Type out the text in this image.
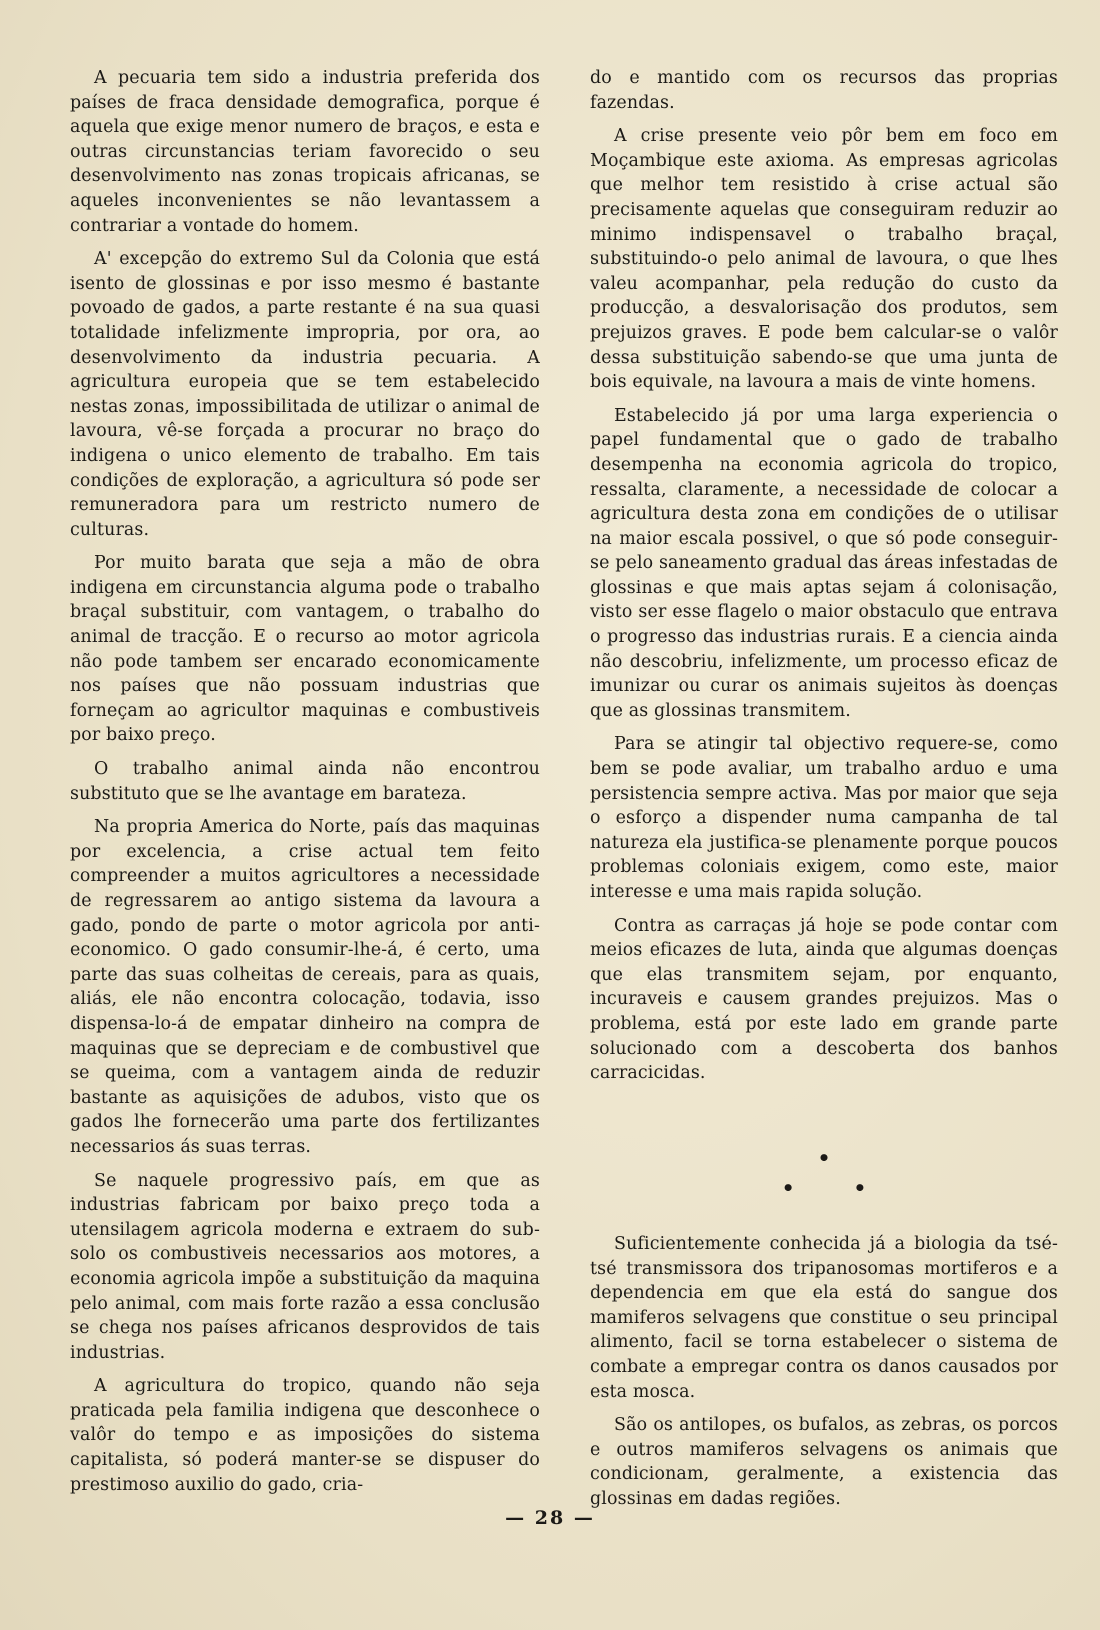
A pecuaria tem sido a industria preferida dos países de fraca densidade demografica, porque é aquela que exige menor numero de braços, e esta e outras circunstancias teriam favorecido o seu desenvolvimento nas zonas tropicais africanas, se aqueles inconvenientes se não levantassem a contrariar a vontade do homem.

A' excepção do extremo Sul da Colonia que está isento de glossinas e por isso mesmo é bastante povoado de gados, a parte restante é na sua quasi totalidade infelizmente impropria, por ora, ao desenvolvimento da industria pecuaria. A agricultura europeia que se tem estabelecido nestas zonas, impossibilitada de utilizar o animal de lavoura, vê-se forçada a procurar no braço do indigena o unico elemento de trabalho. Em tais condições de exploração, a agricultura só pode ser remuneradora para um restricto numero de culturas.

Por muito barata que seja a mão de obra indigena em circunstancia alguma pode o trabalho braçal substituir, com vantagem, o trabalho do animal de tracção. E o recurso ao motor agricola não pode tambem ser encarado economicamente nos países que não possuam industrias que forneçam ao agricultor maquinas e combustiveis por baixo preço.

O trabalho animal ainda não encontrou substituto que se lhe avantage em barateza.

Na propria America do Norte, país das maquinas por excelencia, a crise actual tem feito compreender a muitos agricultores a necessidade de regressarem ao antigo sistema da lavoura a gado, pondo de parte o motor agricola por anti-economico. O gado consumir-lhe-á, é certo, uma parte das suas colheitas de cereais, para as quais, aliás, ele não encontra colocação, todavia, isso dispensa-lo-á de empatar dinheiro na compra de maquinas que se depreciam e de combustivel que se queima, com a vantagem ainda de reduzir bastante as aquisições de adubos, visto que os gados lhe fornecerão uma parte dos fertilizantes necessarios ás suas terras.

Se naquele progressivo país, em que as industrias fabricam por baixo preço toda a utensilagem agricola moderna e extraem do sub-solo os combustiveis necessarios aos motores, a economia agricola impõe a substituição da maquina pelo animal, com mais forte razão a essa conclusão se chega nos países africanos desprovidos de tais industrias.

A agricultura do tropico, quando não seja praticada pela familia indigena que desconhece o valôr do tempo e as imposições do sistema capitalista, só poderá manter-se se dispuser do prestimoso auxilio do gado, cria-

do e mantido com os recursos das proprias fazendas.

A crise presente veio pôr bem em foco em Moçambique este axioma. As empresas agricolas que melhor tem resistido à crise actual são precisamente aquelas que conseguiram reduzir ao minimo indispensavel o trabalho braçal, substituindo-o pelo animal de lavoura, o que lhes valeu acompanhar, pela redução do custo da producção, a desvalorisação dos produtos, sem prejuizos graves. E pode bem calcular-se o valôr dessa substituição sabendo-se que uma junta de bois equivale, na lavoura a mais de vinte homens.

Estabelecido já por uma larga experiencia o papel fundamental que o gado de trabalho desempenha na economia agricola do tropico, ressalta, claramente, a necessidade de colocar a agricultura desta zona em condições de o utilisar na maior escala possivel, o que só pode conseguir-se pelo saneamento gradual das áreas infestadas de glossinas e que mais aptas sejam á colonisação, visto ser esse flagelo o maior obstaculo que entrava o progresso das industrias rurais. E a ciencia ainda não descobriu, infelizmente, um processo eficaz de imunizar ou curar os animais sujeitos às doenças que as glossinas transmitem.

Para se atingir tal objectivo requere-se, como bem se pode avaliar, um trabalho arduo e uma persistencia sempre activa. Mas por maior que seja o esforço a dispender numa campanha de tal natureza ela justifica-se plenamente porque poucos problemas coloniais exigem, como este, maior interesse e uma mais rapida solução.

Contra as carraças já hoje se pode contar com meios eficazes de luta, ainda que algumas doenças que elas transmitem sejam, por enquanto, incuraveis e causem grandes prejuizos. Mas o problema, está por este lado em grande parte solucionado com a descoberta dos banhos carracicidas.

•
•	•

Suficientemente conhecida já a biologia da tsé-tsé transmissora dos tripanosomas mortiferos e a dependencia em que ela está do sangue dos mamiferos selvagens que constitue o seu principal alimento, facil se torna estabelecer o sistema de combate a empregar contra os danos causados por esta mosca.

São os antilopes, os bufalos, as zebras, os porcos e outros mamiferos selvagens os animais que condicionam, geralmente, a existencia das glossinas em dadas regiões.

— 28 —
